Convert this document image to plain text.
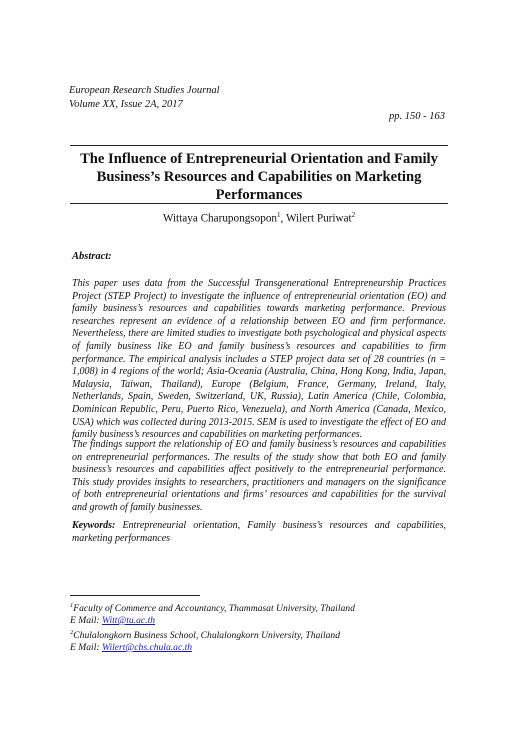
European Research Studies Journal
Volume XX, Issue 2A, 2017
pp. 150 - 163
The Influence of Entrepreneurial Orientation and Family Business’s Resources and Capabilities on Marketing Performances
Wittaya Charupongsopon$^1$, Wilert Puriwat$^2$
Abstract:
This paper uses data from the Successful Transgenerational Entrepreneurship Practices Project (STEP Project) to investigate the influence of entrepreneurial orientation (EO) and family business’s resources and capabilities towards marketing performance. Previous researches represent an evidence of a relationship between EO and firm performance. Nevertheless, there are limited studies to investigate both psychological and physical aspects of family business like EO and family business’s resources and capabilities to firm performance. The empirical analysis includes a STEP project data set of 28 countries (n = 1,008) in 4 regions of the world; Asia-Oceania (Australia, China, Hong Kong, India, Japan, Malaysia, Taiwan, Thailand), Europe (Belgium, France, Germany, Ireland, Italy, Netherlands, Spain, Sweden, Switzerland, UK, Russia), Latin America (Chile, Colombia, Dominican Republic, Peru, Puerto Rico, Venezuela), and North America (Canada, Mexico, USA) which was collected during 2013-2015. SEM is used to investigate the effect of EO and family business’s resources and capabilities on marketing performances.
The findings support the relationship of EO and family business’s resources and capabilities on entrepreneurial performances. The results of the study show that both EO and family business’s resources and capabilities affect positively to the entrepreneurial performance. This study provides insights to researchers, practitioners and managers on the significance of both entrepreneurial orientations and firms’ resources and capabilities for the survival and growth of family businesses.
Keywords: Entrepreneurial orientation, Family business’s resources and capabilities, marketing performances
$^1$Faculty of Commerce and Accountancy, Thammasat University, Thailand
E Mail: Witt@tu.ac.th
$^2$Chulalongkorn Business School, Chulalongkorn University, Thailand
E Mail: Wilert@cbs.chula.ac.th
